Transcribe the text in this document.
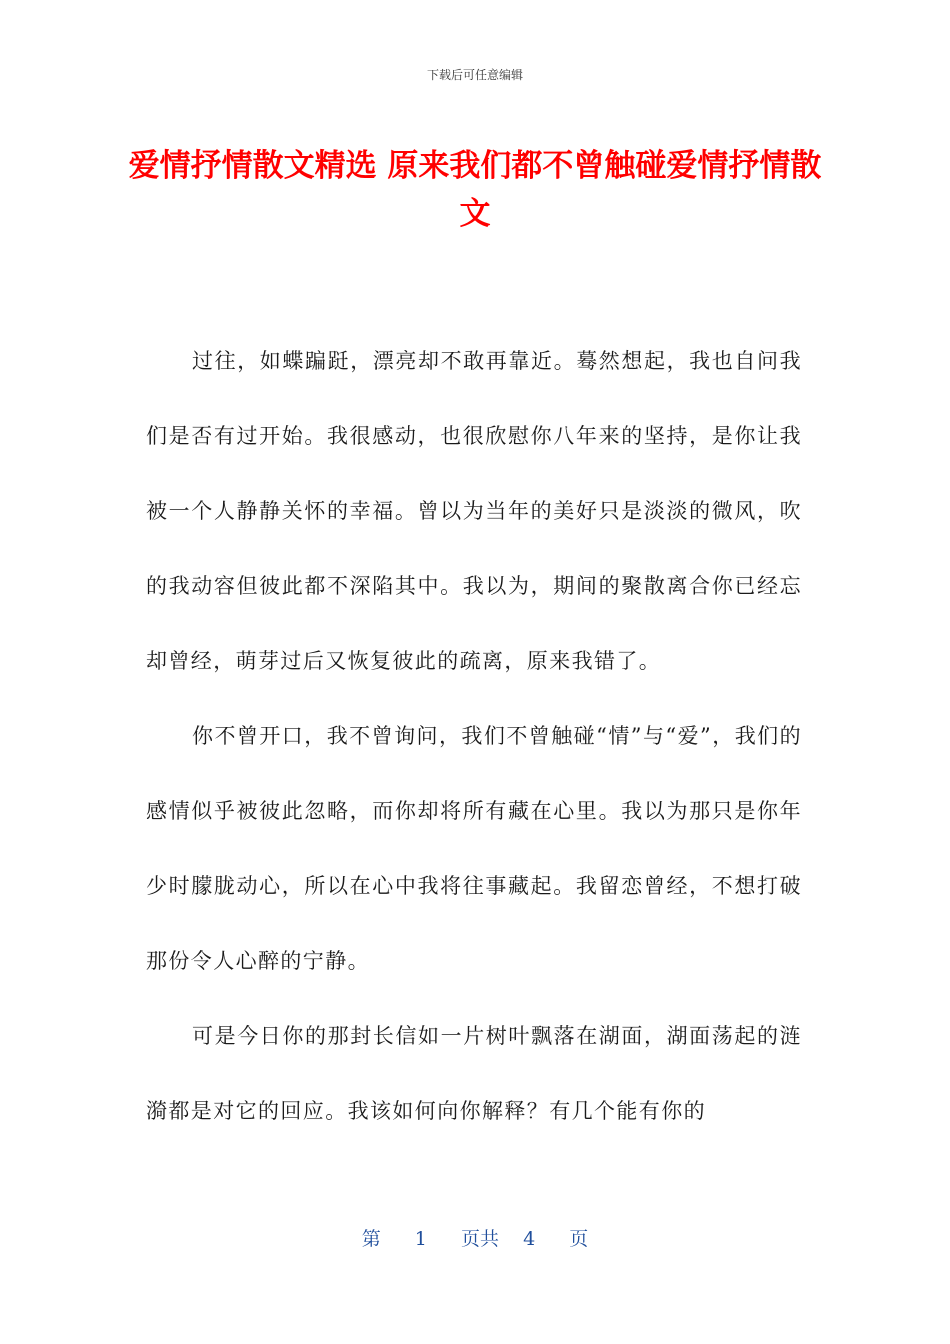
下载后可任意编辑
爱情抒情散文精选 原来我们都不曾触碰爱情抒情散文

过往，如蝶蹁跹，漂亮却不敢再靠近。蓦然想起，我也自问我们是否有过开始。我很感动，也很欣慰你八年来的坚持，是你让我被一个人静静关怀的幸福。曾以为当年的美好只是淡淡的微风，吹的我动容但彼此都不深陷其中。我以为，期间的聚散离合你已经忘却曾经，萌芽过后又恢复彼此的疏离，原来我错了。

你不曾开口，我不曾询问，我们不曾触碰“情”与“爱”，我们的感情似乎被彼此忽略，而你却将所有藏在心里。我以为那只是你年少时朦胧动心，所以在心中我将往事藏起。我留恋曾经，不想打破那份令人心醉的宁静。

可是今日你的那封长信如一片树叶飘落在湖面，湖面荡起的涟漪都是对它的回应。我该如何向你解释？有几个能有你的

第 1 页共 4 页
